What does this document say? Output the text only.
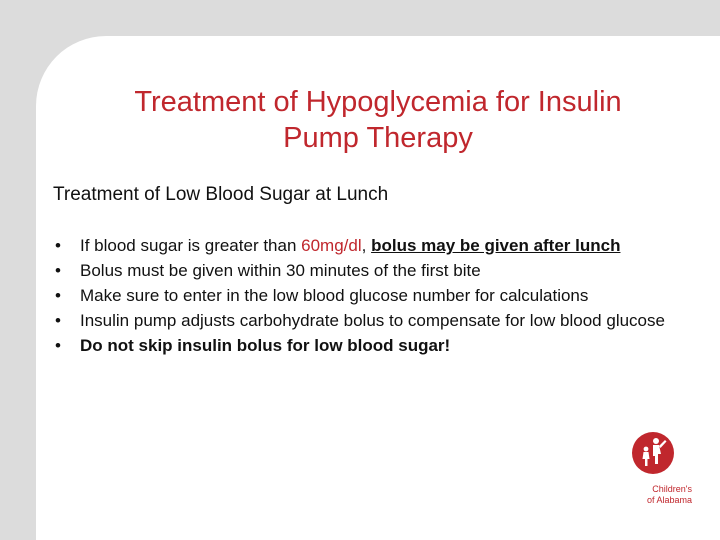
Treatment of Hypoglycemia for Insulin
Pump Therapy
Treatment of Low Blood Sugar at Lunch
• If blood sugar is greater than 60mg/dl, bolus may be given after lunch
• Bolus must be given within 30 minutes of the first bite
• Make sure to enter in the low blood glucose number for calculations
• Insulin pump adjusts carbohydrate bolus to compensate for low blood glucose
• Do not skip insulin bolus for low blood sugar!
Children's
of Alabama
